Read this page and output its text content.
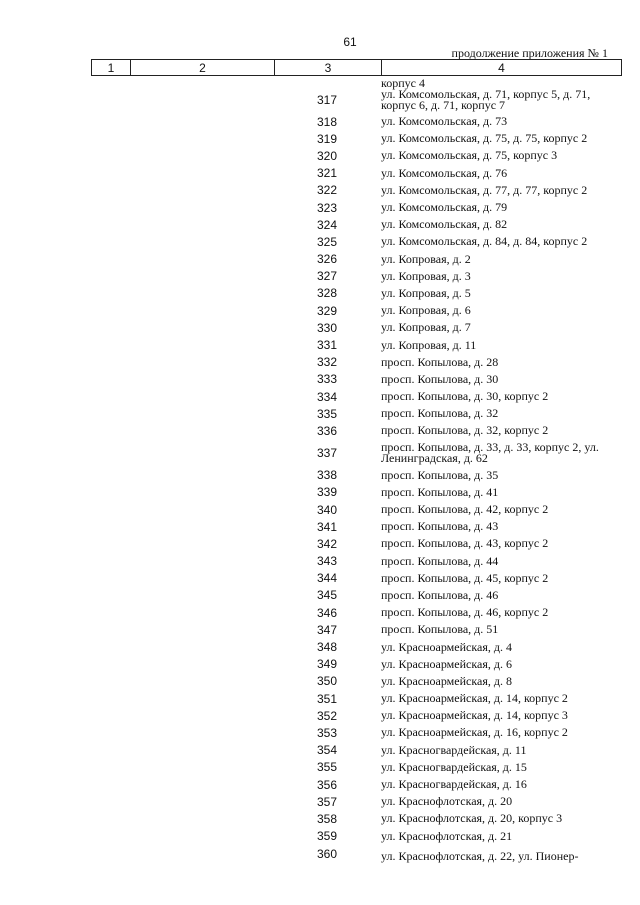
61
продолжение приложения № 1
1	2	3	4
корпус 4
317	ул. Комсомольская, д. 71, корпус 5, д. 71, корпус 6, д. 71, корпус 7
318	ул. Комсомольская, д. 73
319	ул. Комсомольская, д. 75, д. 75, корпус 2
320	ул. Комсомольская, д. 75, корпус 3
321	ул. Комсомольская, д. 76
322	ул. Комсомольская, д. 77, д. 77, корпус 2
323	ул. Комсомольская, д. 79
324	ул. Комсомольская, д. 82
325	ул. Комсомольская, д. 84, д. 84, корпус 2
326	ул. Копровая, д. 2
327	ул. Копровая, д. 3
328	ул. Копровая, д. 5
329	ул. Копровая, д. 6
330	ул. Копровая, д. 7
331	ул. Копровая, д. 11
332	просп. Копылова, д. 28
333	просп. Копылова, д. 30
334	просп. Копылова, д. 30, корпус 2
335	просп. Копылова, д. 32
336	просп. Копылова, д. 32, корпус 2
337	просп. Копылова, д. 33, д. 33, корпус 2, ул. Ленинградская, д. 62
338	просп. Копылова, д. 35
339	просп. Копылова, д. 41
340	просп. Копылова, д. 42, корпус 2
341	просп. Копылова, д. 43
342	просп. Копылова, д. 43, корпус 2
343	просп. Копылова, д. 44
344	просп. Копылова, д. 45, корпус 2
345	просп. Копылова, д. 46
346	просп. Копылова, д. 46, корпус 2
347	просп. Копылова, д. 51
348	ул. Красноармейская, д. 4
349	ул. Красноармейская, д. 6
350	ул. Красноармейская, д. 8
351	ул. Красноармейская, д. 14, корпус 2
352	ул. Красноармейская, д. 14, корпус 3
353	ул. Красноармейская, д. 16, корпус 2
354	ул. Красногвардейская, д. 11
355	ул. Красногвардейская, д. 15
356	ул. Красногвардейская, д. 16
357	ул. Краснофлотская, д. 20
358	ул. Краснофлотская, д. 20, корпус 3
359	ул. Краснофлотская, д. 21
360	ул. Краснофлотская, д. 22, ул. Пионер-
